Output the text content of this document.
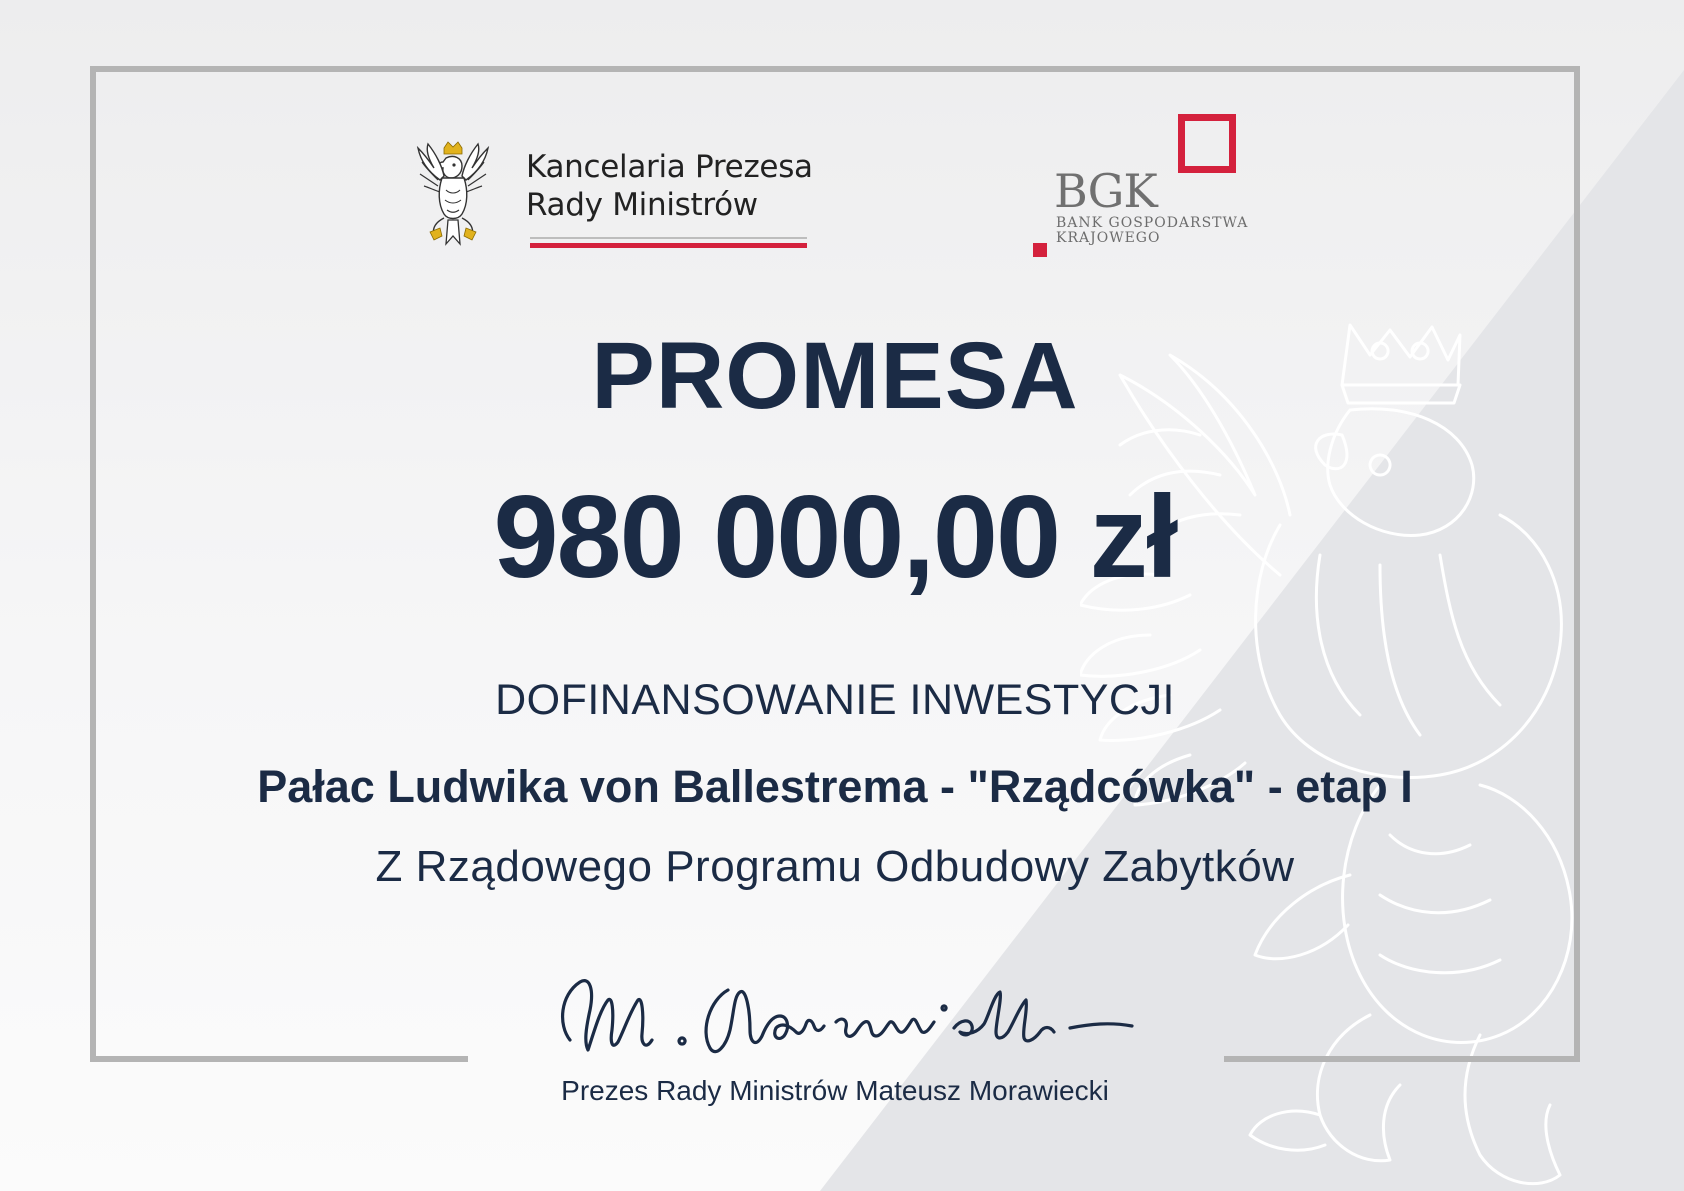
Kancelaria Prezesa
Rady Ministrów	BGK
BANK GOSPODARSTWA
KRAJOWEGO
PROMESA
980 000,00 zł
DOFINANSOWANIE INWESTYCJI
Pałac Ludwika von Ballestrema - "Rządcówka" - etap I
Z Rządowego Programu Odbudowy Zabytków
Prezes Rady Ministrów Mateusz Morawiecki
